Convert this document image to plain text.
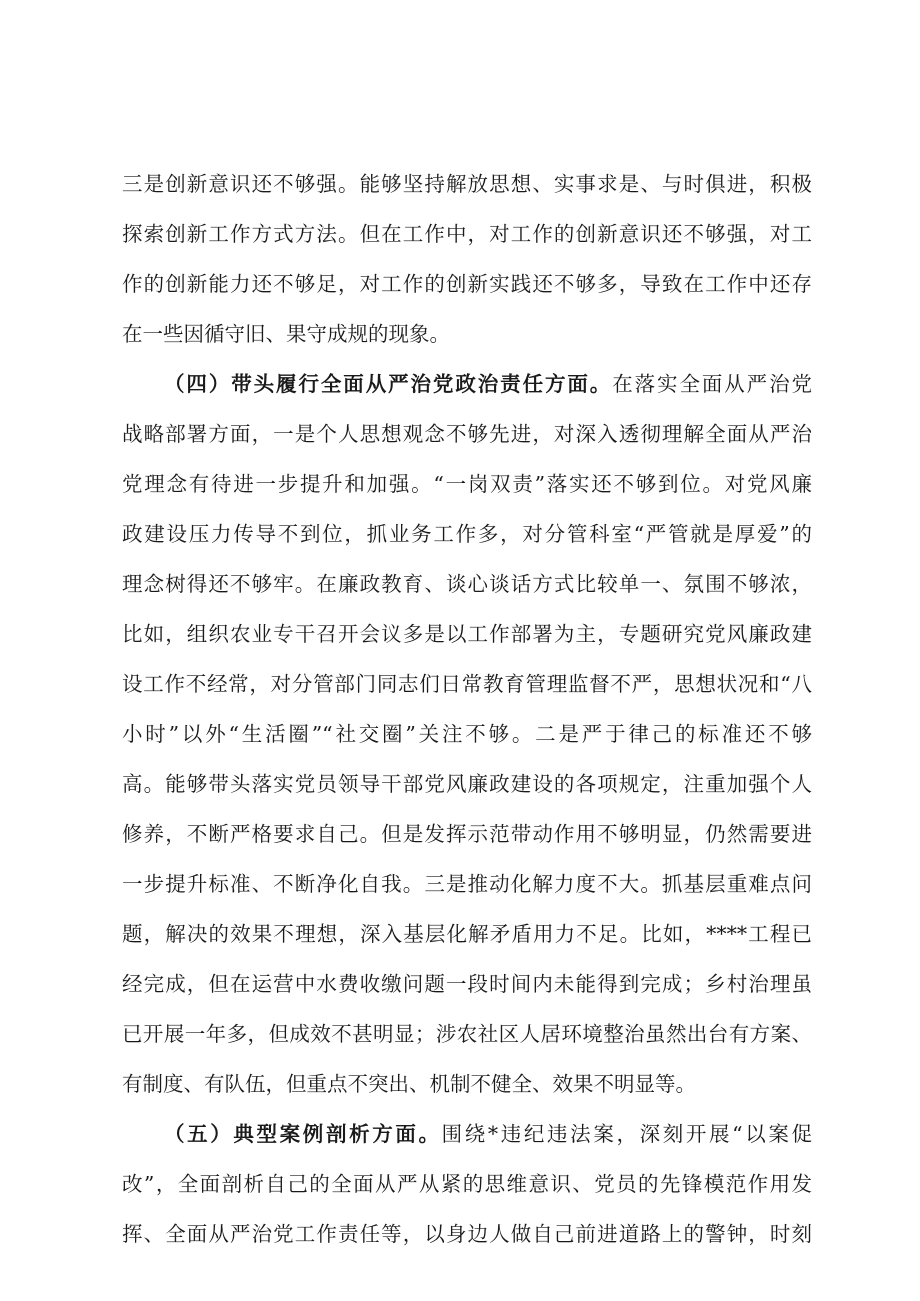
三是创新意识还不够强。能够坚持解放思想、实事求是、与时俱进，积极
探索创新工作方式方法。但在工作中，对工作的创新意识还不够强，对工
作的创新能力还不够足，对工作的创新实践还不够多，导致在工作中还存
在一些因循守旧、果守成规的现象。
（四）带头履行全面从严治党政治责任方面。在落实全面从严治党
战略部署方面，一是个人思想观念不够先进，对深入透彻理解全面从严治
党理念有待进一步提升和加强。“一岗双责”落实还不够到位。对党风廉
政建设压力传导不到位，抓业务工作多，对分管科室“严管就是厚爱”的
理念树得还不够牢。在廉政教育、谈心谈话方式比较单一、氛围不够浓，
比如，组织农业专干召开会议多是以工作部署为主，专题研究党风廉政建
设工作不经常，对分管部门同志们日常教育管理监督不严，思想状况和“八
小时”以外“生活圈”“社交圈”关注不够。二是严于律己的标准还不够
高。能够带头落实党员领导干部党风廉政建设的各项规定，注重加强个人
修养，不断严格要求自己。但是发挥示范带动作用不够明显，仍然需要进
一步提升标准、不断净化自我。三是推动化解力度不大。抓基层重难点问
题，解决的效果不理想，深入基层化解矛盾用力不足。比如，****工程已
经完成，但在运营中水费收缴问题一段时间内未能得到完成；乡村治理虽
已开展一年多，但成效不甚明显；涉农社区人居环境整治虽然出台有方案、
有制度、有队伍，但重点不突出、机制不健全、效果不明显等。
（五）典型案例剖析方面。围绕*违纪违法案，深刻开展“以案促
改”，全面剖析自己的全面从严从紧的思维意识、党员的先锋模范作用发
挥、全面从严治党工作责任等，以身边人做自己前进道路上的警钟，时刻
